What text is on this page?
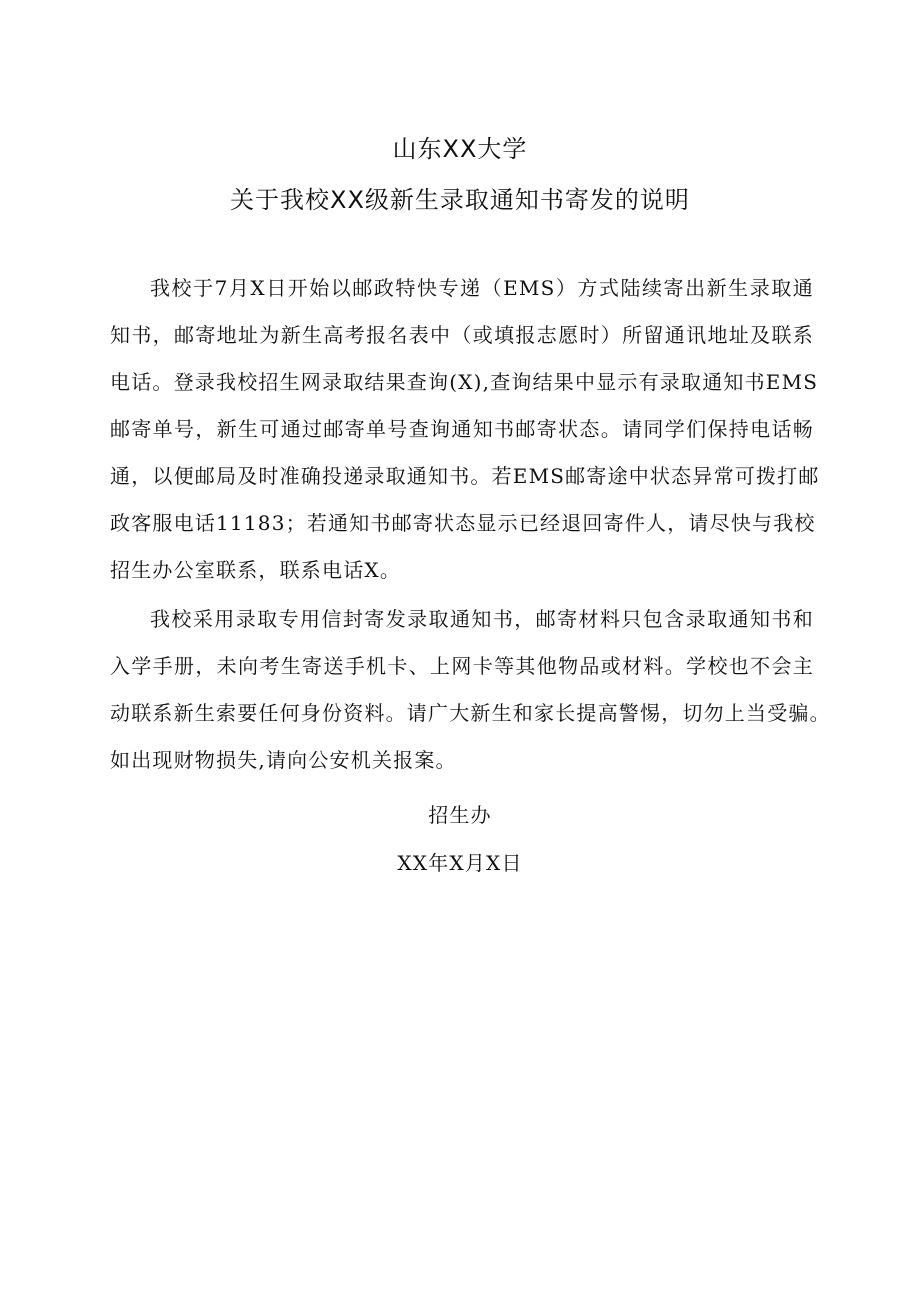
山东XX大学
关于我校XX级新生录取通知书寄发的说明
我校于7月X日开始以邮政特快专递（EMS）方式陆续寄出新生录取通
知书，邮寄地址为新生高考报名表中（或填报志愿时）所留通讯地址及联系
电话。登录我校招生网录取结果查询(X),查询结果中显示有录取通知书EMS
邮寄单号，新生可通过邮寄单号查询通知书邮寄状态。请同学们保持电话畅
通，以便邮局及时准确投递录取通知书。若EMS邮寄途中状态异常可拨打邮
政客服电话11183；若通知书邮寄状态显示已经退回寄件人，请尽快与我校
招生办公室联系，联系电话X。
我校采用录取专用信封寄发录取通知书，邮寄材料只包含录取通知书和
入学手册，未向考生寄送手机卡、上网卡等其他物品或材料。学校也不会主
动联系新生索要任何身份资料。请广大新生和家长提高警惕，切勿上当受骗。
如出现财物损失,请向公安机关报案。
招生办
XX年X月X日
